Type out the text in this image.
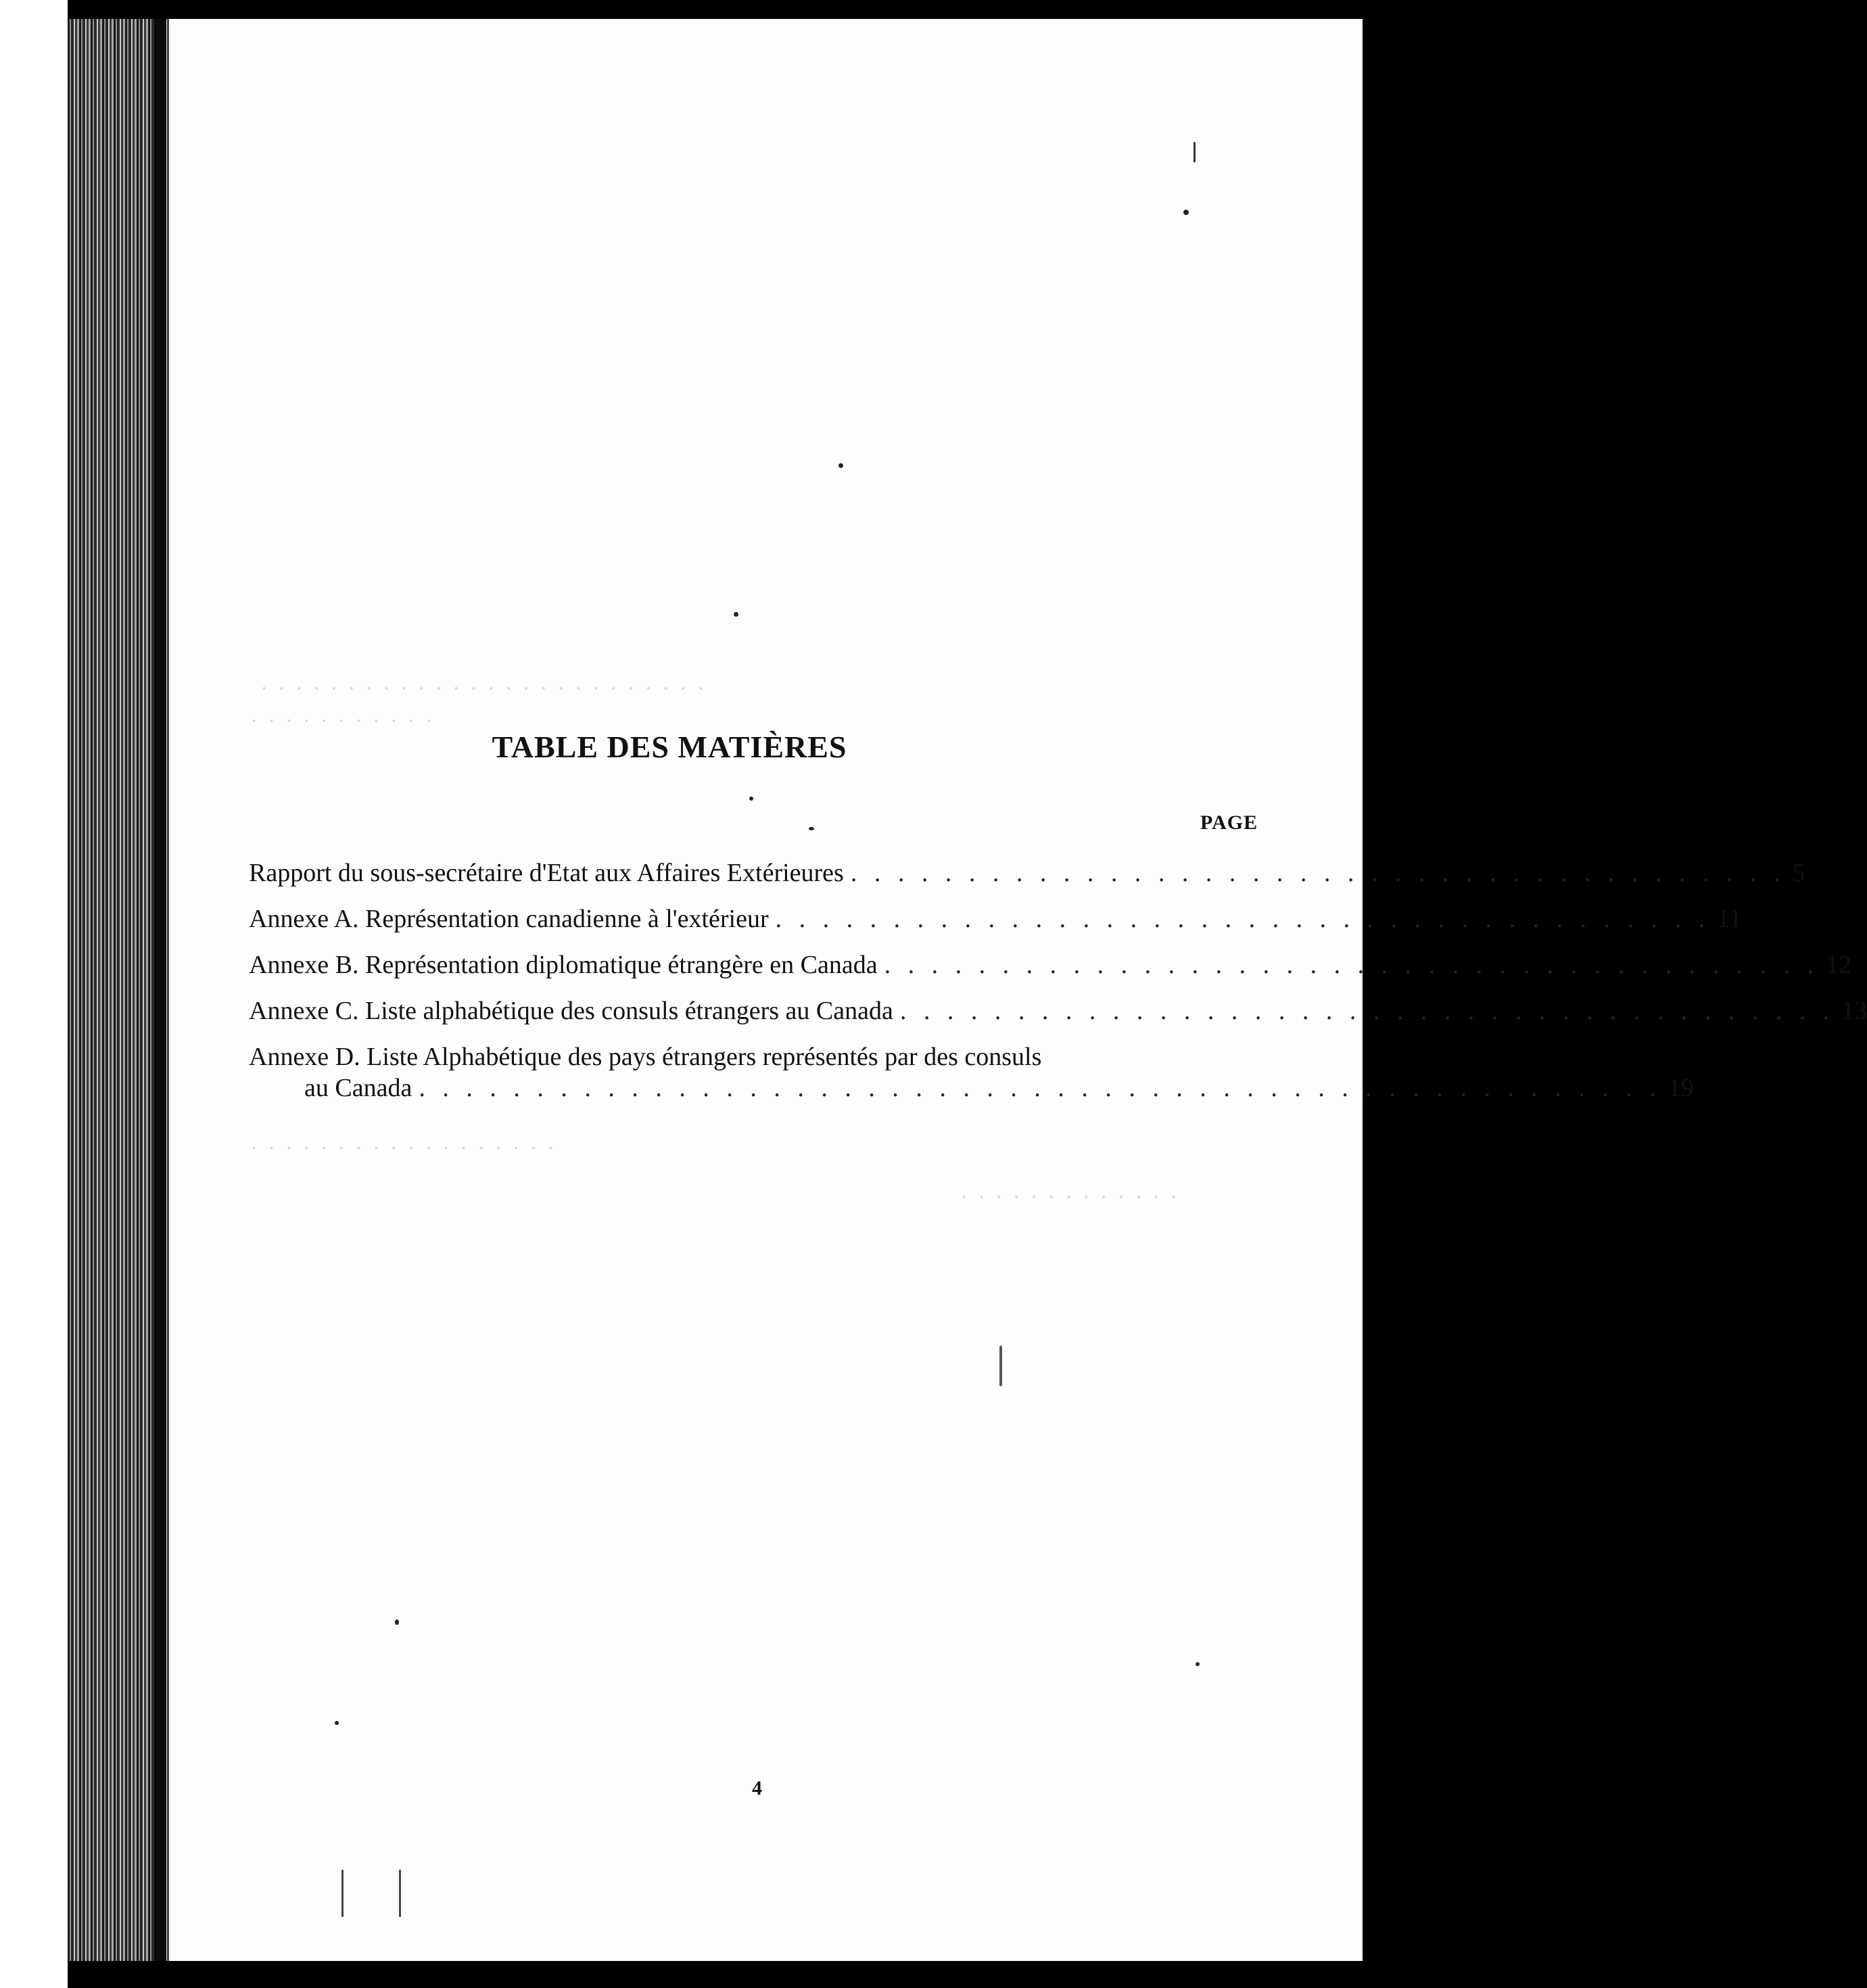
· · · · · · · · · · · · · · · · · · · · · · · · · ·
· · · · · · · · · · ·
· · · · · · · · · · · · · · · · · ·
· · · · · · · · · · · · ·
TABLE DES MATIÈRES
PAGE
Rapport du sous-secrétaire d'Etat aux Affaires Extérieures . . . . . . . . . . . . . . . . . . . . . . . . . . . . . . . . . . . . . . . . 5
Annexe A. Représentation canadienne à l'extérieur . . . . . . . . . . . . . . . . . . . . . . . . . . . . . . . . . . . . . . . . 11
Annexe B. Représentation diplomatique étrangère en Canada . . . . . . . . . . . . . . . . . . . . . . . . . . . . . . . . . . . . . . . . 12
Annexe C. Liste alphabétique des consuls étrangers au Canada . . . . . . . . . . . . . . . . . . . . . . . . . . . . . . . . . . . . . . . . 13
Annexe D. Liste Alphabétique des pays étrangers représentés par des consuls
au Canada . . . . . . . . . . . . . . . . . . . . . . . . . . . . . . . . . . . . . . . . . . . . . . . . . . . . . 19
4
